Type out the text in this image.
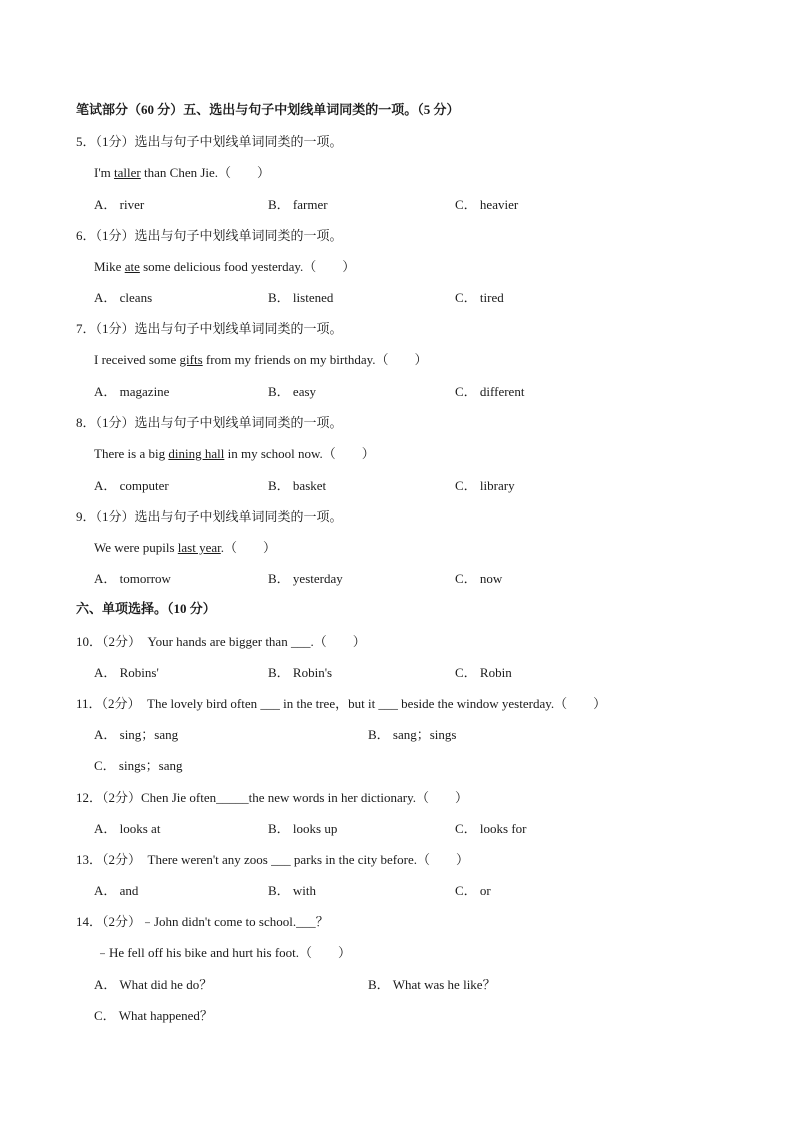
笔试部分（60 分）五、选出与句子中划线单词同类的一项。（5 分）
5．（1分）选出与句子中划线单词同类的一项。
I'm taller than Chen Jie.（　　）
A． river	B． farmer	C． heavier
6．（1分）选出与句子中划线单词同类的一项。
Mike ate some delicious food yesterday.（　　）
A． cleans	B． listened	C． tired
7．（1分）选出与句子中划线单词同类的一项。
I received some gifts from my friends on my birthday.（　　）
A． magazine	B． easy	C． different
8．（1分）选出与句子中划线单词同类的一项。
There is a big dining hall in my school now.（　　）
A． computer	B． basket	C． library
9．（1分）选出与句子中划线单词同类的一项。
We were pupils last year.（　　）
A． tomorrow	B． yesterday	C． now
六、单项选择。（10 分）
10．（2分）　Your hands are bigger than ___.（　　）
A． Robins'	B． Robin's	C． Robin
11．（2分）　The lovely bird often ___ in the tree，but it ___ beside the window yesterday.（　　）
A． sing；sang	B． sang；sings
C． sings；sang
12．（2分）Chen Jie often_____the new words in her dictionary.（　　）
A． looks at	B． looks up	C． looks for
13．（2分）　There weren't any zoos ___ parks in the city before.（　　）
A． and	B． with	C． or
14．（2分）﹣John didn't come to school.___？
﹣He fell off his bike and hurt his foot.（　　）
A． What did he do？	B． What was he like？
C． What happened？
